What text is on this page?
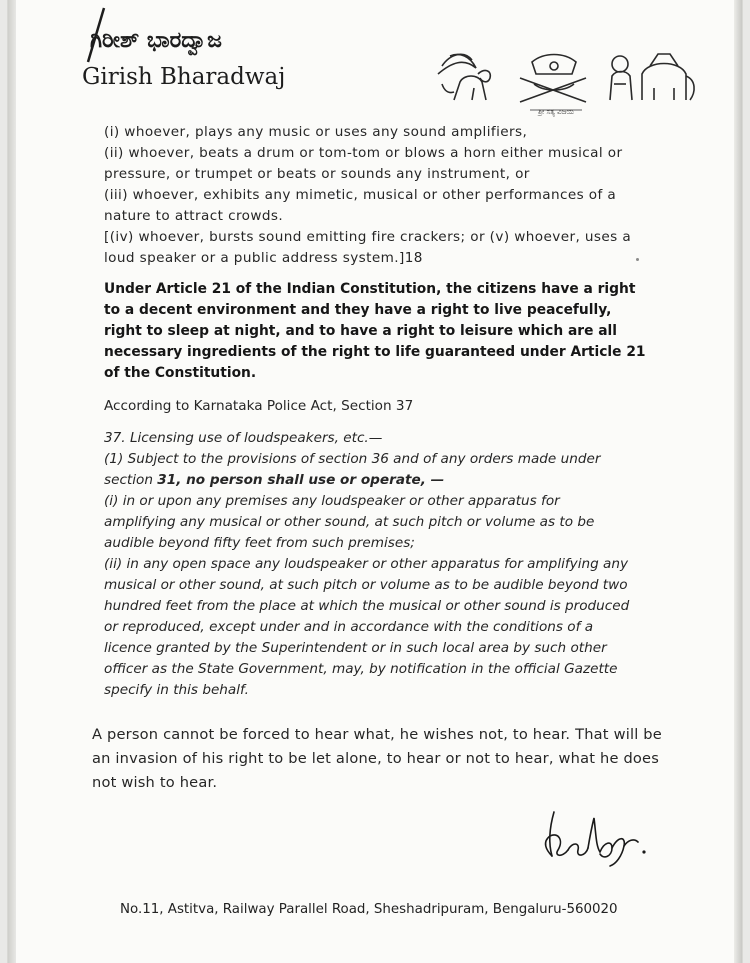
ಗಿರೀಶ್ ಭಾರದ್ವಾಜ
Girish Bharadwaj
ಶ್ರೀ ಸತ್ಯ ವಿಜಯ
(i) whoever, plays any music or uses any sound amplifiers,
(ii) whoever, beats a drum or tom-tom or blows a horn either musical or
pressure, or trumpet or beats or sounds any instrument, or
(iii) whoever, exhibits any mimetic, musical or other performances of a
nature to attract crowds.
[(iv) whoever, bursts sound emitting fire crackers; or (v) whoever, uses a
loud speaker or a public address system.]18
Under Article 21 of the Indian Constitution, the citizens have a right
to a decent environment and they have a right to live peacefully,
right to sleep at night, and to have a right to leisure which are all
necessary ingredients of the right to life guaranteed under Article 21
of the Constitution.
According to Karnataka Police Act, Section 37
37. Licensing use of loudspeakers, etc.—
(1) Subject to the provisions of section 36 and of any orders made under
section 31, no person shall use or operate, —
(i) in or upon any premises any loudspeaker or other apparatus for
amplifying any musical or other sound, at such pitch or volume as to be
audible beyond fifty feet from such premises;
(ii) in any open space any loudspeaker or other apparatus for amplifying any
musical or other sound, at such pitch or volume as to be audible beyond two
hundred feet from the place at which the musical or other sound is produced
or reproduced, except under and in accordance with the conditions of a
licence granted by the Superintendent or in such local area by such other
officer as the State Government, may, by notification in the official Gazette
specify in this behalf.
A person cannot be forced to hear what, he wishes not, to hear. That will be
an invasion of his right to be let alone, to hear or not to hear, what he does
not wish to hear.
No.11, Astitva, Railway Parallel Road, Sheshadripuram, Bengaluru-560020
